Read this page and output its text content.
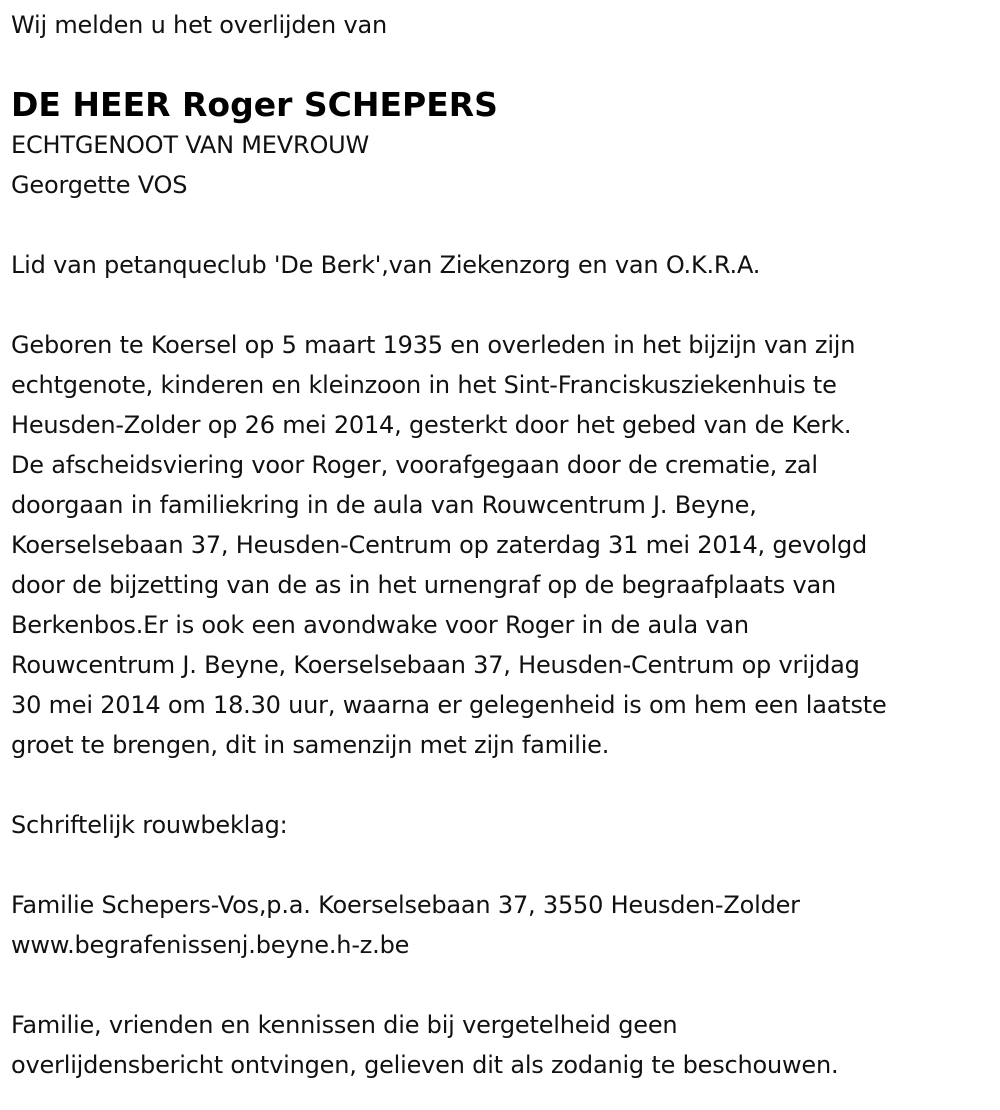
Wij melden u het overlijden van
DE HEER Roger SCHEPERS
ECHTGENOOT VAN MEVROUW
Georgette VOS
Lid van petanqueclub 'De Berk',van Ziekenzorg en van O.K.R.A.
Geboren te Koersel op 5 maart 1935 en overleden in het bijzijn van zijn
echtgenote, kinderen en kleinzoon in het Sint-Franciskusziekenhuis te
Heusden-Zolder op 26 mei 2014, gesterkt door het gebed van de Kerk.
De afscheidsviering voor Roger, voorafgegaan door de crematie, zal
doorgaan in familiekring in de aula van Rouwcentrum J. Beyne,
Koerselsebaan 37, Heusden-Centrum op zaterdag 31 mei 2014, gevolgd
door de bijzetting van de as in het urnengraf op de begraafplaats van
Berkenbos.Er is ook een avondwake voor Roger in de aula van
Rouwcentrum J. Beyne, Koerselsebaan 37, Heusden-Centrum op vrijdag
30 mei 2014 om 18.30 uur, waarna er gelegenheid is om hem een laatste
groet te brengen, dit in samenzijn met zijn familie.
Schriftelijk rouwbeklag:
Familie Schepers-Vos,p.a. Koerselsebaan 37, 3550 Heusden-Zolder
www.begrafenissenj.beyne.h-z.be
Familie, vrienden en kennissen die bij vergetelheid geen
overlijdensbericht ontvingen, gelieven dit als zodanig te beschouwen.
